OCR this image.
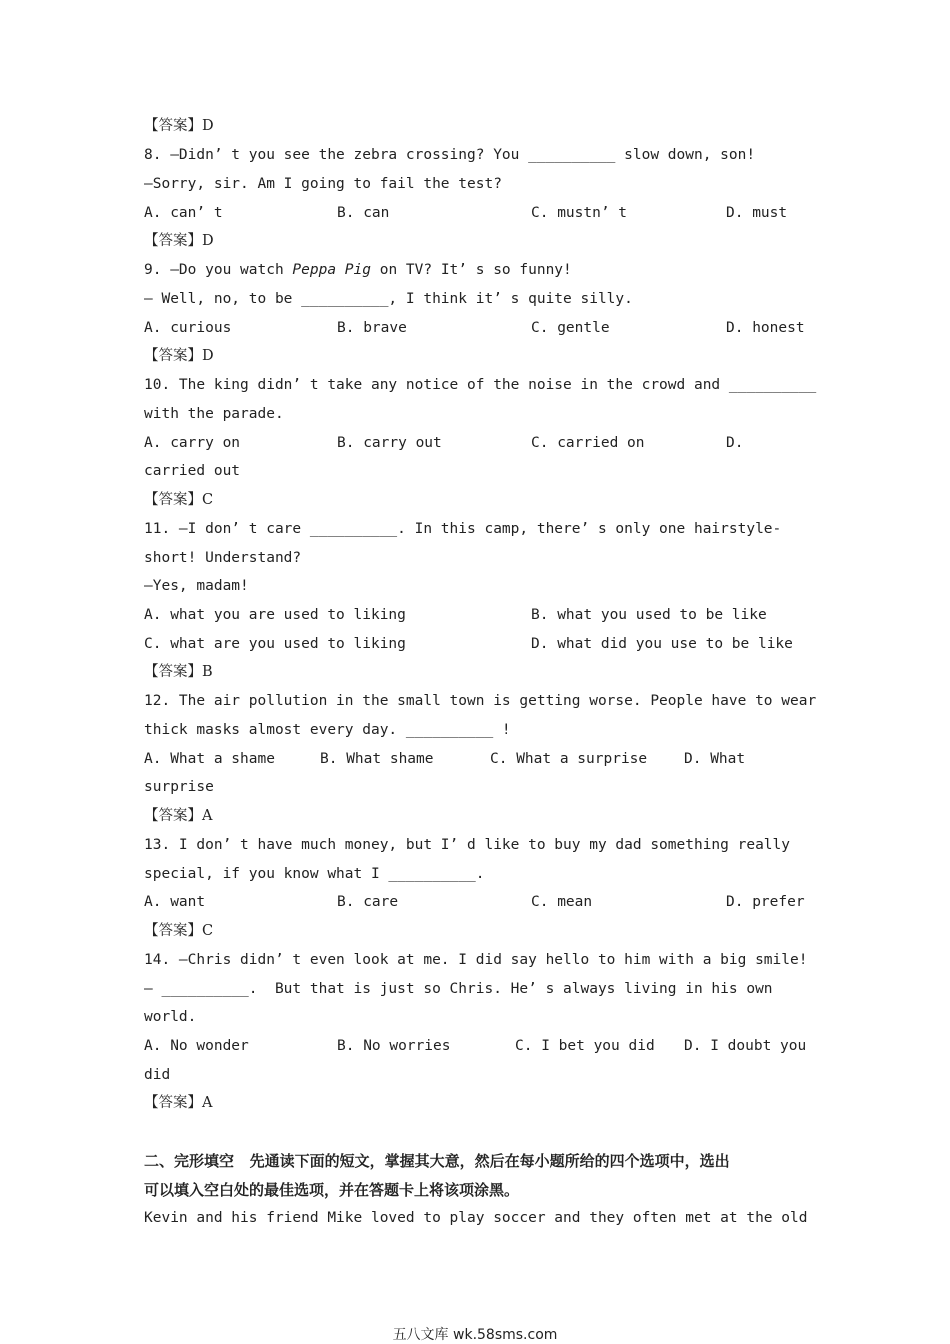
【答案】D
8. —Didn’ t you see the zebra crossing? You __________ slow down, son!
—Sorry, sir. Am I going to fail the test?
A. can’ t	B. can	C. mustn’ t	D. must
【答案】D
9. —Do you watch Peppa Pig on TV? It’ s so funny!
— Well, no, to be __________, I think it’ s quite silly.
A. curious	B. brave	C. gentle	D. honest
【答案】D
10. The king didn’ t take any notice of the noise in the crowd and __________
with the parade.
A. carry on	B. carry out	C. carried on	D.
carried out
【答案】C
11. —I don’ t care __________. In this camp, there’ s only one hairstyle-
short! Understand?
—Yes, madam!
A. what you are used to liking	B. what you used to be like
C. what are you used to liking	D. what did you use to be like
【答案】B
12. The air pollution in the small town is getting worse. People have to wear
thick masks almost every day. __________ !
A. What a shame	B. What shame	C. What a surprise	D. What
surprise
【答案】A
13. I don’ t have much money, but I’ d like to buy my dad something really
special, if you know what I __________.
A. want	B. care	C. mean	D. prefer
【答案】C
14. —Chris didn’ t even look at me. I did say hello to him with a big smile!
— __________.  But that is just so Chris. He’ s always living in his own
world.
A. No wonder	B. No worries	C. I bet you did D. I doubt you
did
【答案】A
二、完形填空   先通读下面的短文，掌握其大意，然后在每小题所给的四个选项中，选出
可以填入空白处的最佳选项，并在答题卡上将该项涂黑。
Kevin and his friend Mike loved to play soccer and they often met at the old
五八文库 wk.58sms.com
